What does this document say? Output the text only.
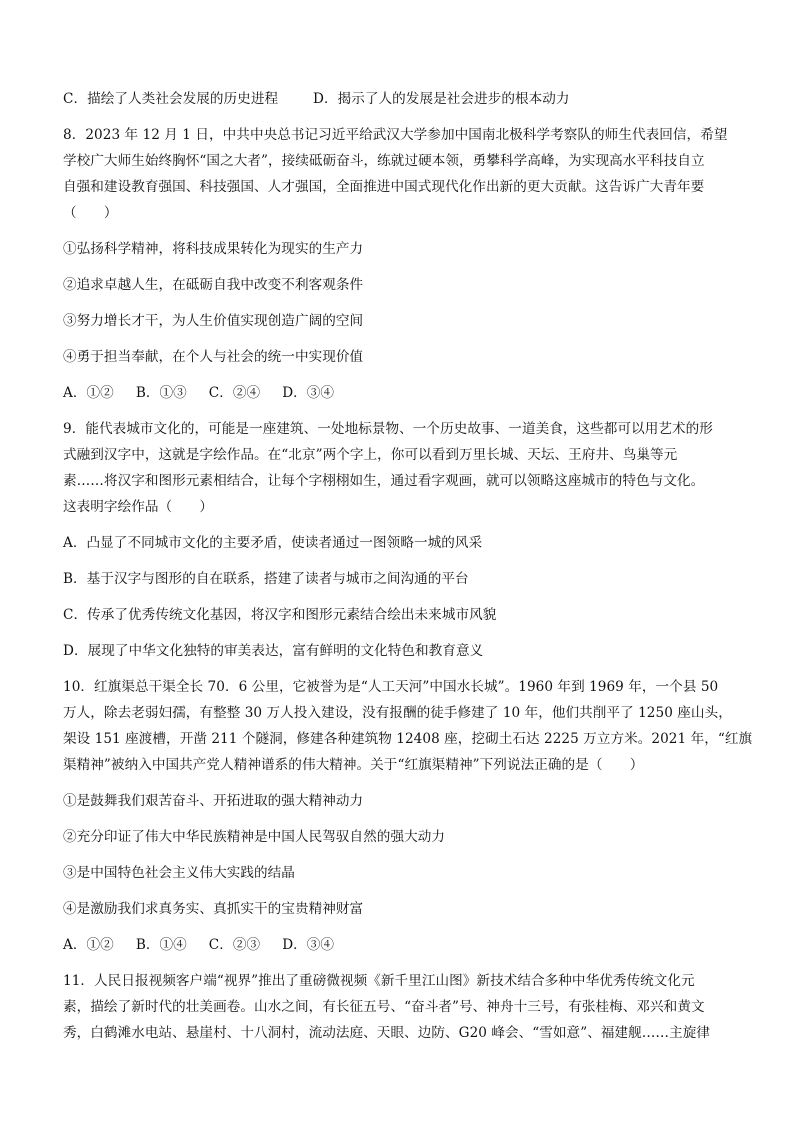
C．描绘了人类社会发展的历史进程	D．揭示了人的发展是社会进步的根本动力
8．2023 年 12 月 1 日，中共中央总书记习近平给武汉大学参加中国南北极科学考察队的师生代表回信，希望
学校广大师生始终胸怀“国之大者”，接续砥砺奋斗，练就过硬本领，勇攀科学高峰，为实现高水平科技自立
自强和建设教育强国、科技强国、人才强国，全面推进中国式现代化作出新的更大贡献。这告诉广大青年要
（　　）
①弘扬科学精神，将科技成果转化为现实的生产力
②追求卓越人生，在砥砺自我中改变不利客观条件
③努力增长才干，为人生价值实现创造广阔的空间
④勇于担当奉献，在个人与社会的统一中实现价值
A．①② B．①③ C．②④ D．③④
9．能代表城市文化的，可能是一座建筑、一处地标景物、一个历史故事、一道美食，这些都可以用艺术的形
式融到汉字中，这就是字绘作品。在“北京”两个字上，你可以看到万里长城、天坛、王府井、鸟巢等元
素……将汉字和图形元素相结合，让每个字栩栩如生，通过看字观画，就可以领略这座城市的特色与文化。
这表明字绘作品（　　）
A．凸显了不同城市文化的主要矛盾，使读者通过一图领略一城的风采
B．基于汉字与图形的自在联系，搭建了读者与城市之间沟通的平台
C．传承了优秀传统文化基因，将汉字和图形元素结合绘出未来城市风貌
D．展现了中华文化独特的审美表达，富有鲜明的文化特色和教育意义
10．红旗渠总干渠全长 70．6 公里，它被誉为是“人工天河”中国水长城”。1960 年到 1969 年，一个县 50
万人，除去老弱妇孺，有整整 30 万人投入建设，没有报酬的徒手修建了 10 年，他们共削平了 1250 座山头，
架设 151 座渡槽，开凿 211 个隧洞，修建各种建筑物 12408 座，挖砌土石达 2225 万立方米。2021 年，“红旗
渠精神”被纳入中国共产党人精神谱系的伟大精神。关于“红旗渠精神”下列说法正确的是（　　）
①是鼓舞我们艰苦奋斗、开拓进取的强大精神动力
②充分印证了伟大中华民族精神是中国人民驾驭自然的强大动力
③是中国特色社会主义伟大实践的结晶
④是激励我们求真务实、真抓实干的宝贵精神财富
A．①② B．①④ C．②③ D．③④
11．人民日报视频客户端“视界”推出了重磅微视频《新千里江山图》新技术结合多种中华优秀传统文化元
素，描绘了新时代的壮美画卷。山水之间，有长征五号、“奋斗者”号、神舟十三号，有张桂梅、邓兴和黄文
秀，白鹤滩水电站、悬崖村、十八洞村，流动法庭、天眼、边防、G20 峰会、“雪如意”、福建舰……主旋律
